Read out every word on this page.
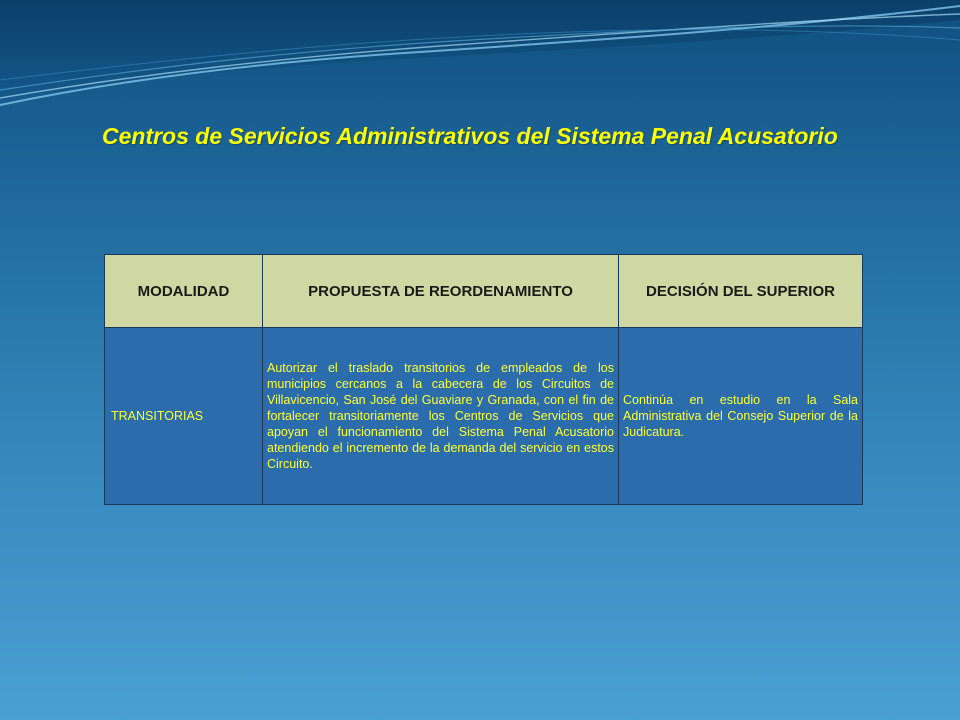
Centros de Servicios Administrativos del Sistema Penal Acusatorio
MODALIDAD	PROPUESTA DE REORDENAMIENTO	DECISIÓN DEL SUPERIOR
TRANSITORIAS	Autorizar el traslado transitorios de empleados de los municipios cercanos a la cabecera de los Circuitos de Villavicencio, San José del Guaviare y Granada, con el fin de fortalecer transitoriamente los Centros de Servicios que apoyan el funcionamiento del Sistema Penal Acusatorio atendiendo el incremento de la demanda del servicio en estos Circuito.	Continúa en estudio en la Sala Administrativa del Consejo Superior de la Judicatura.
